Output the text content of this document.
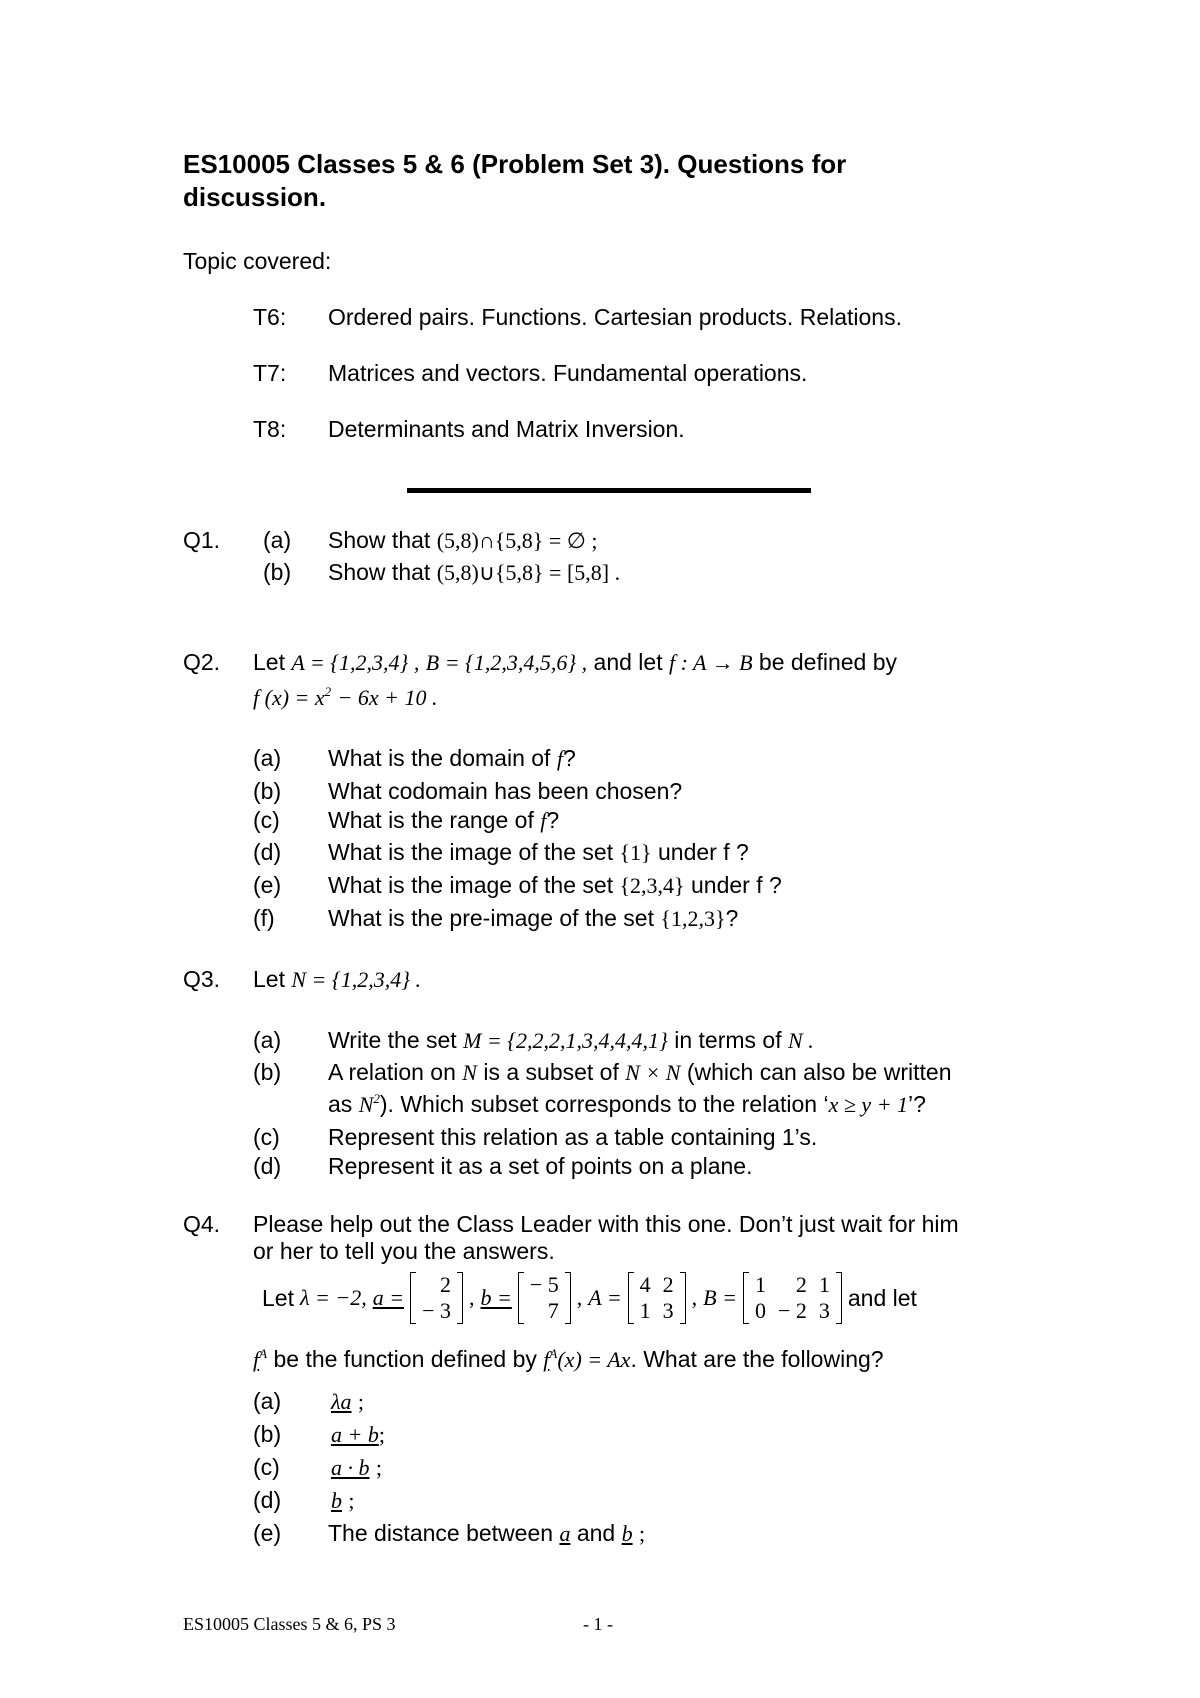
ES10005 Classes 5 & 6 (Problem Set 3). Questions for
discussion.
Topic covered:
T6: Ordered pairs. Functions. Cartesian products. Relations.
T7: Matrices and vectors. Fundamental operations.
T8: Determinants and Matrix Inversion.
Q1. (a) Show that (5,8)∩{5,8} = ∅ ;
(b) Show that (5,8)∪{5,8} = [5,8] .
Q2. Let A = {1,2,3,4} , B = {1,2,3,4,5,6} , and let f : A → B be defined by
f $(x) = x^2 - 6x + 10$ .
(a) What is the domain of f?
(b) What codomain has been chosen?
(c) What is the range of f?
(d) What is the image of the set {1} under f ?
(e) What is the image of the set {2,3,4} under f ?
(f) What is the pre-image of the set {1,2,3}?
Q3. Let N = {1,2,3,4} .
(a) Write the set M = {2,2,2,1,3,4,4,4,1} in terms of N .
(b) A relation on N is a subset of N × N (which can also be written
as $N^2$). Which subset corresponds to the relation ‘x ≥ y + 1’?
(c) Represent this relation as a table containing 1’s.
(d) Represent it as a set of points on a plane.
Q4. Please help out the Class Leader with this one. Don’t just wait for him
or her to tell you the answers.
Let λ = −2, a =
2
− 3
, b =
− 5
7
, A =
4	2
1	3
, B =
1	2	1
0	− 2	3 and let
$f^A$ be the function defined by $f^A(x) = Ax$. What are the following?
(a) λa ;
(b) a + b;
(c) a · b ;
(d) b ;
(e) The distance between a and b ;
ES10005 Classes 5 & 6, PS 3	- 1 -
